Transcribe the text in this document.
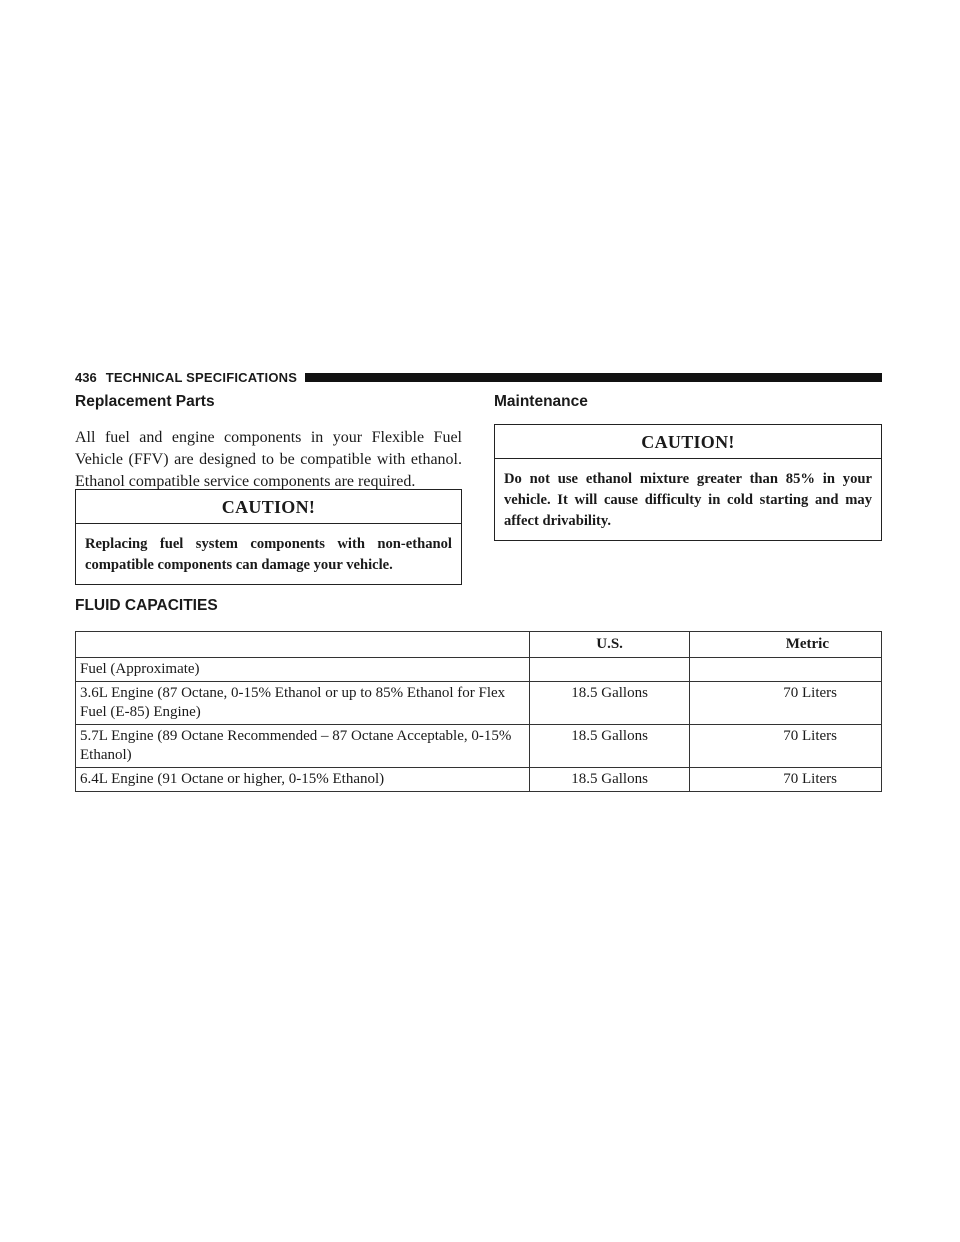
436 TECHNICAL SPECIFICATIONS
Replacement Parts

All fuel and engine components in your Flexible Fuel Vehicle (FFV) are designed to be compatible with ethanol. Ethanol compatible service components are required.

CAUTION!
Replacing fuel system components with non-ethanol compatible components can damage your vehicle.
Maintenance
CAUTION!
Do not use ethanol mixture greater than 85% in your vehicle. It will cause difficulty in cold starting and may affect drivability.
FLUID CAPACITIES
	U.S.	Metric
Fuel (Approximate)		
3.6L Engine (87 Octane, 0-15% Ethanol or up to 85% Ethanol for Flex Fuel (E-85) Engine)	18.5 Gallons	70 Liters
5.7L Engine (89 Octane Recommended – 87 Octane Acceptable, 0-15% Ethanol)	18.5 Gallons	70 Liters
6.4L Engine (91 Octane or higher, 0-15% Ethanol)	18.5 Gallons	70 Liters
